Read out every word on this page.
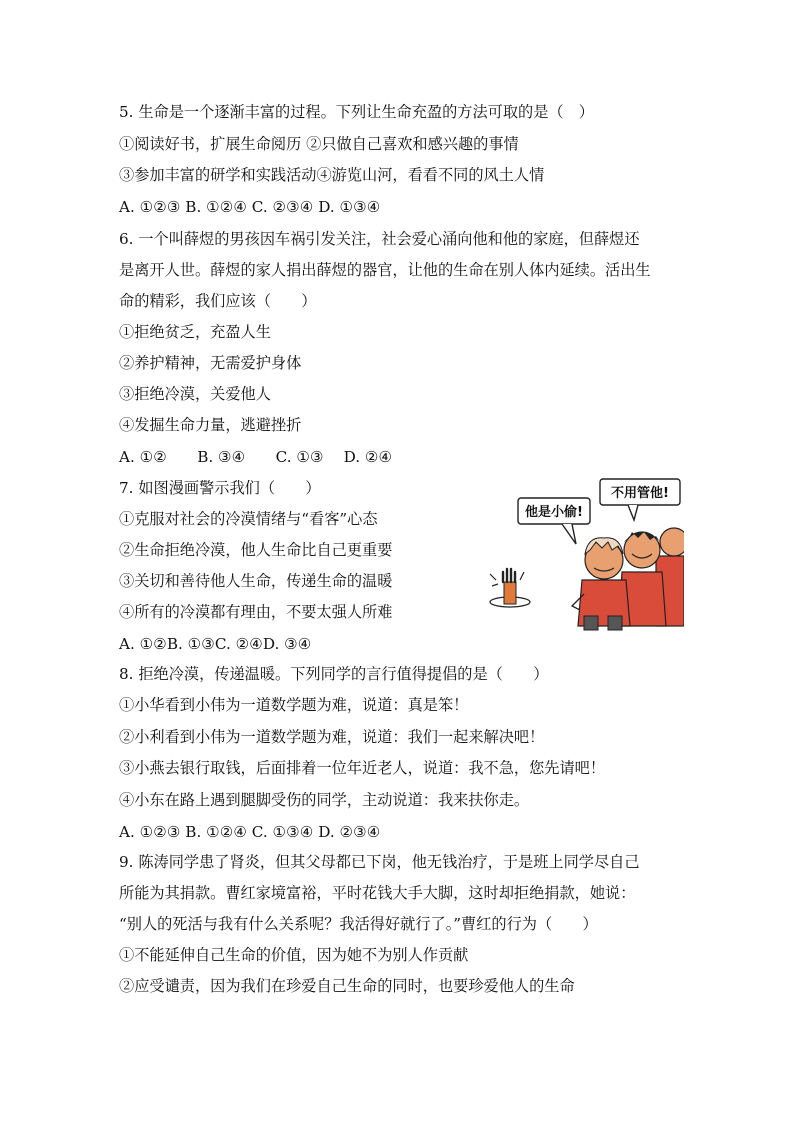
5. 生命是一个逐渐丰富的过程。下列让生命充盈的方法可取的是（　）
①阅读好书，扩展生命阅历 ②只做自己喜欢和感兴趣的事情
③参加丰富的研学和实践活动④游览山河，看看不同的风土人情
A. ①②③ B. ①②④ C. ②③④ D. ①③④
6. 一个叫薛煜的男孩因车祸引发关注，社会爱心涌向他和他的家庭，但薛煜还
是离开人世。薛煜的家人捐出薛煜的器官，让他的生命在别人体内延续。活出生
命的精彩，我们应该（　　）
①拒绝贫乏，充盈人生
②养护精神，无需爱护身体
③拒绝冷漠，关爱他人
④发掘生命力量，逃避挫折
A. ①②　　B. ③④　　C. ①③　 D. ②④
7. 如图漫画警示我们（　　）
①克服对社会的冷漠情绪与“看客”心态
②生命拒绝冷漠，他人生命比自己更重要
③关切和善待他人生命，传递生命的温暖
④所有的冷漠都有理由，不要太强人所难
A. ①②B. ①③C. ②④D. ③④
他是小偷!
不用管他!
8. 拒绝冷漠，传递温暖。下列同学的言行值得提倡的是（　　）
①小华看到小伟为一道数学题为难，说道：真是笨！
②小利看到小伟为一道数学题为难，说道：我们一起来解决吧！
③小燕去银行取钱，后面排着一位年近老人，说道：我不急，您先请吧！
④小东在路上遇到腿脚受伤的同学，主动说道：我来扶你走。
A. ①②③ B. ①②④ C. ①③④ D. ②③④
9. 陈涛同学患了肾炎，但其父母都已下岗，他无钱治疗，于是班上同学尽自己
所能为其捐款。曹红家境富裕，平时花钱大手大脚，这时却拒绝捐款，她说：
“别人的死活与我有什么关系呢？我活得好就行了。”曹红的行为（　　）
①不能延伸自己生命的价值，因为她不为别人作贡献
②应受谴责，因为我们在珍爱自己生命的同时，也要珍爱他人的生命
